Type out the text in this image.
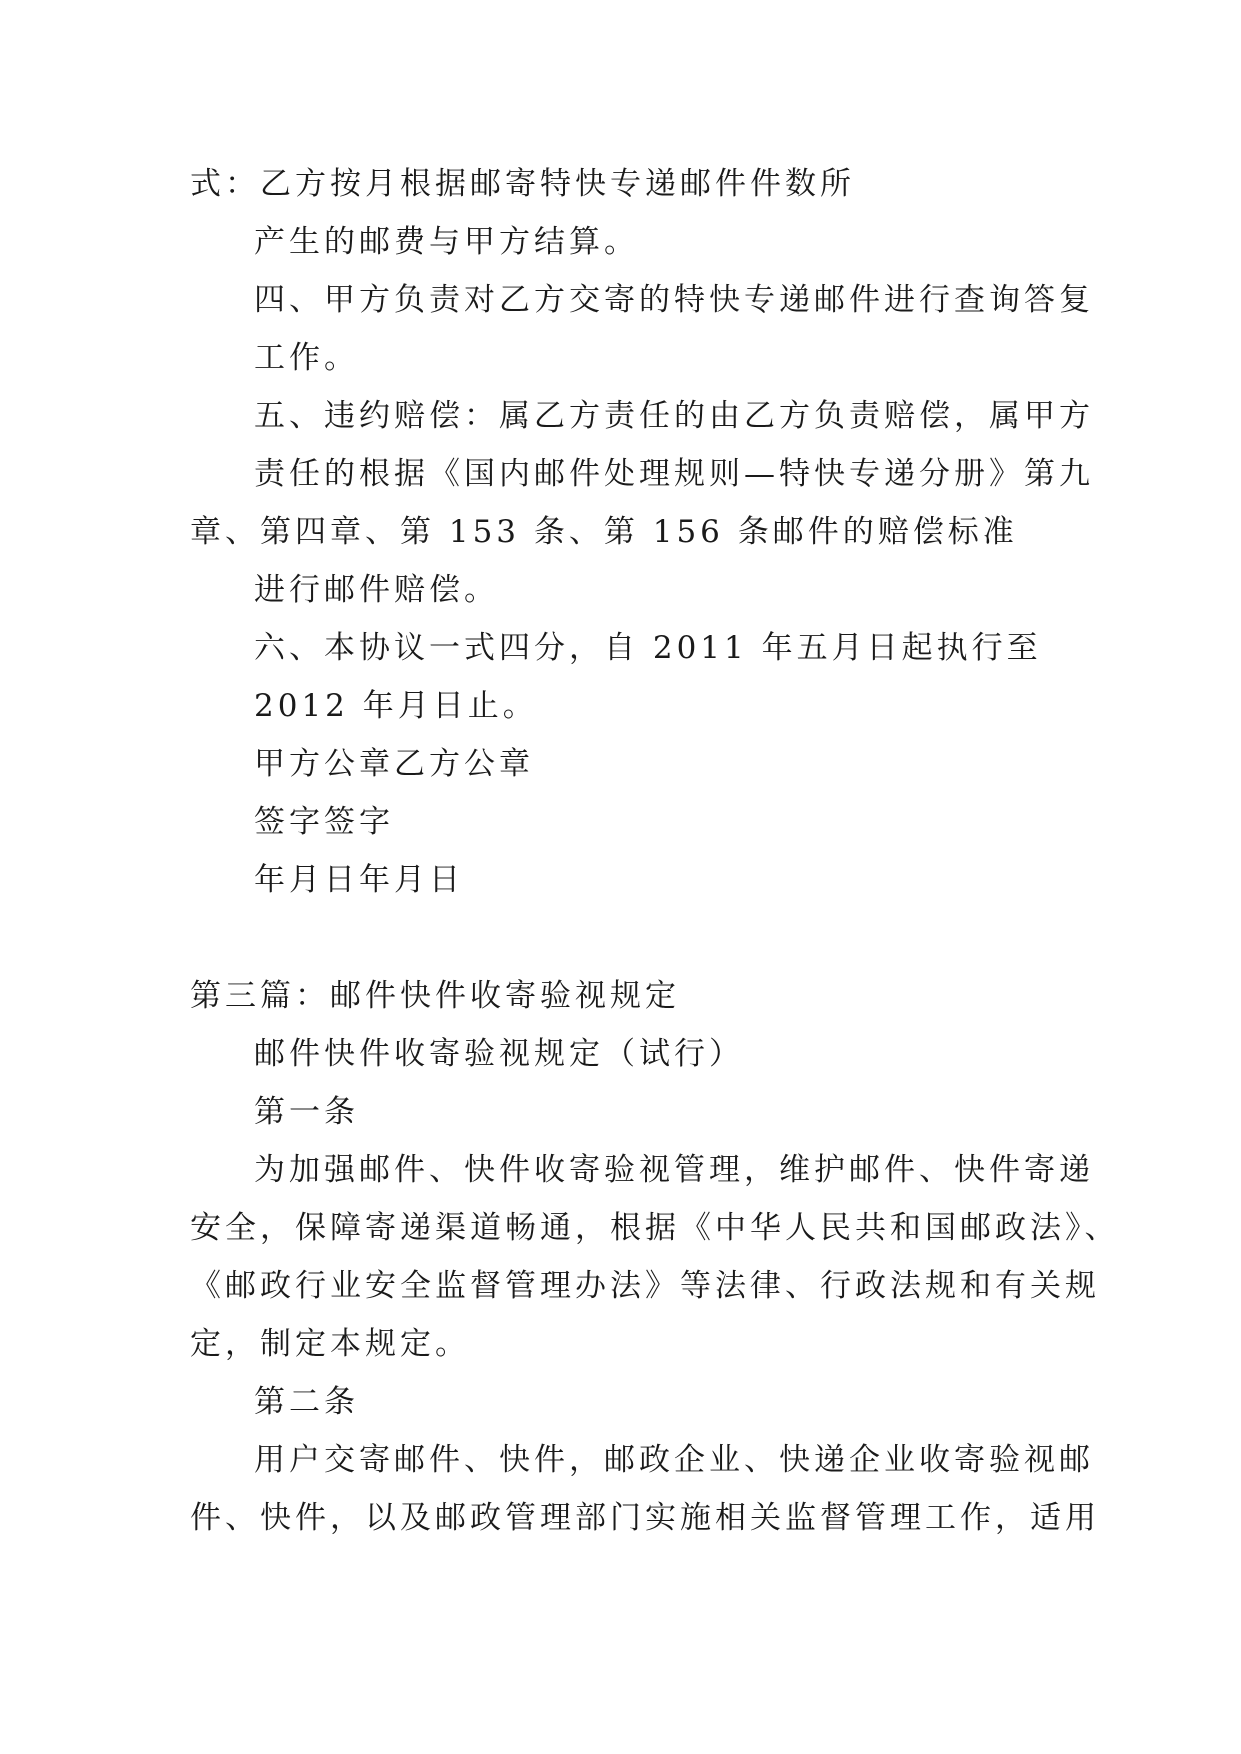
式：乙方按月根据邮寄特快专递邮件件数所
产生的邮费与甲方结算。
四、甲方负责对乙方交寄的特快专递邮件进行查询答复
工作。
五、违约赔偿：属乙方责任的由乙方负责赔偿，属甲方
责任的根据《国内邮件处理规则—特快专递分册》第九
章、第四章、第 153 条、第 156 条邮件的赔偿标准
进行邮件赔偿。
六、本协议一式四分，自 2011 年五月日起执行至
2012 年月日止。
甲方公章乙方公章
签字签字
年月日年月日
第三篇：邮件快件收寄验视规定
邮件快件收寄验视规定（试行）
第一条
为加强邮件、快件收寄验视管理，维护邮件、快件寄递
安全，保障寄递渠道畅通，根据《中华人民共和国邮政法》、
《邮政行业安全监督管理办法》等法律、行政法规和有关规
定，制定本规定。
第二条
用户交寄邮件、快件，邮政企业、快递企业收寄验视邮
件、快件，以及邮政管理部门实施相关监督管理工作，适用
